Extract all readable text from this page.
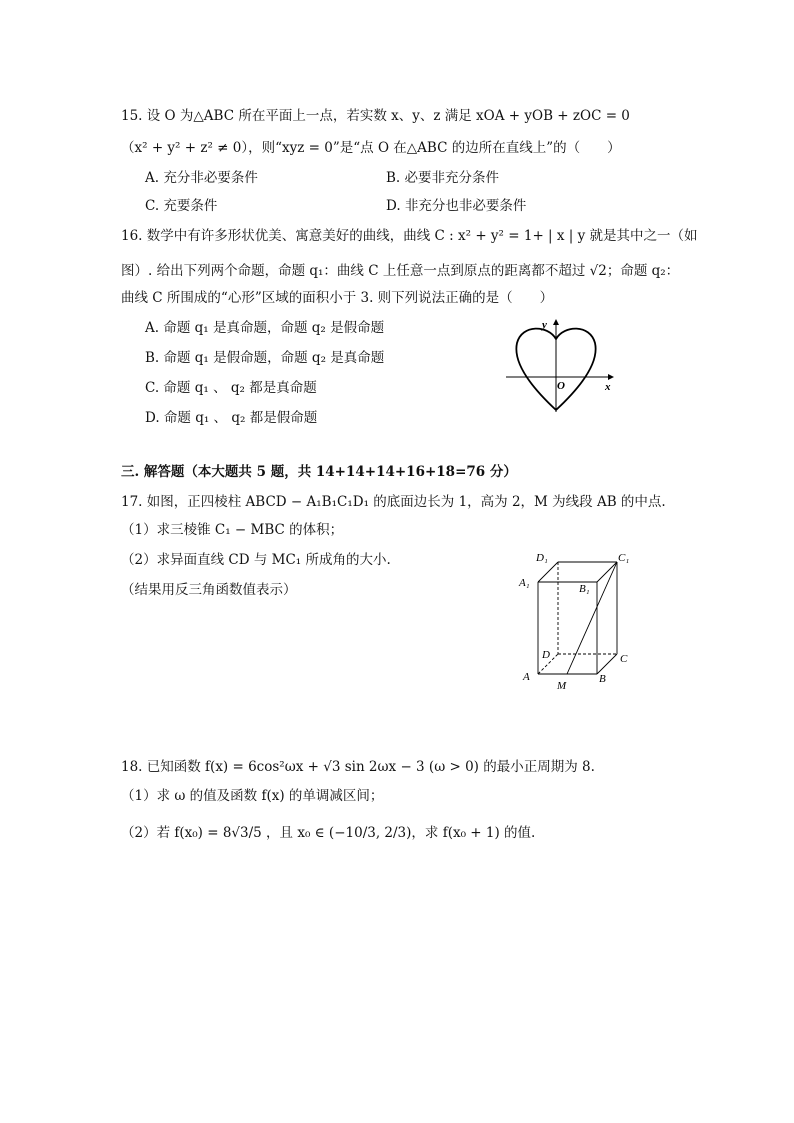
15. 设 O 为△ABC 所在平面上一点，若实数 x、y、z 满足 x​OA + yOB + zOC = 0
（x² + y² + z² ≠ 0），则“xyz = 0”是“点 O 在△ABC 的边所在直线上”的（　　）
A. 充分非必要条件	B. 必要非充分条件
C. 充要条件	D. 非充分也非必要条件
16. 数学中有许多形状优美、寓意美好的曲线，曲线 C : x² + y² = 1+ | x | y 就是其中之一（如
图）. 给出下列两个命题，命题 q₁：曲线 C 上任意一点到原点的距离都不超过 √2；命题 q₂：
曲线 C 所围成的“心形”区域的面积小于 3. 则下列说法正确的是（　　）
A. 命题 q₁ 是真命题，命题 q₂ 是假命题
B. 命题 q₁ 是假命题，命题 q₂ 是真命题
C. 命题 q₁ 、 q₂ 都是真命题
D. 命题 q₁ 、 q₂ 都是假命题
y
O	x
三. 解答题（本大题共 5 题，共 14+14+14+16+18=76 分）
17. 如图，正四棱柱 ABCD − A₁B₁C₁D₁ 的底面边长为 1，高为 2，M 为线段 AB 的中点.
（1）求三棱锥 C₁ − MBC 的体积；
（2）求异面直线 CD 与 MC₁ 所成角的大小.
（结果用反三角函数值表示）
D₁	C₁
A₁	B₁
D	C
A	B
M
18. 已知函数 f(x) = 6cos²ωx + √3 sin 2ωx − 3 (ω > 0) 的最小正周期为 8.
（1）求 ω 的值及函数 f(x) 的单调减区间；
（2）若 f(x₀) = 8√3/5 ，且 x₀ ∈ (−10/3, 2/3)，求 f(x₀ + 1) 的值.
